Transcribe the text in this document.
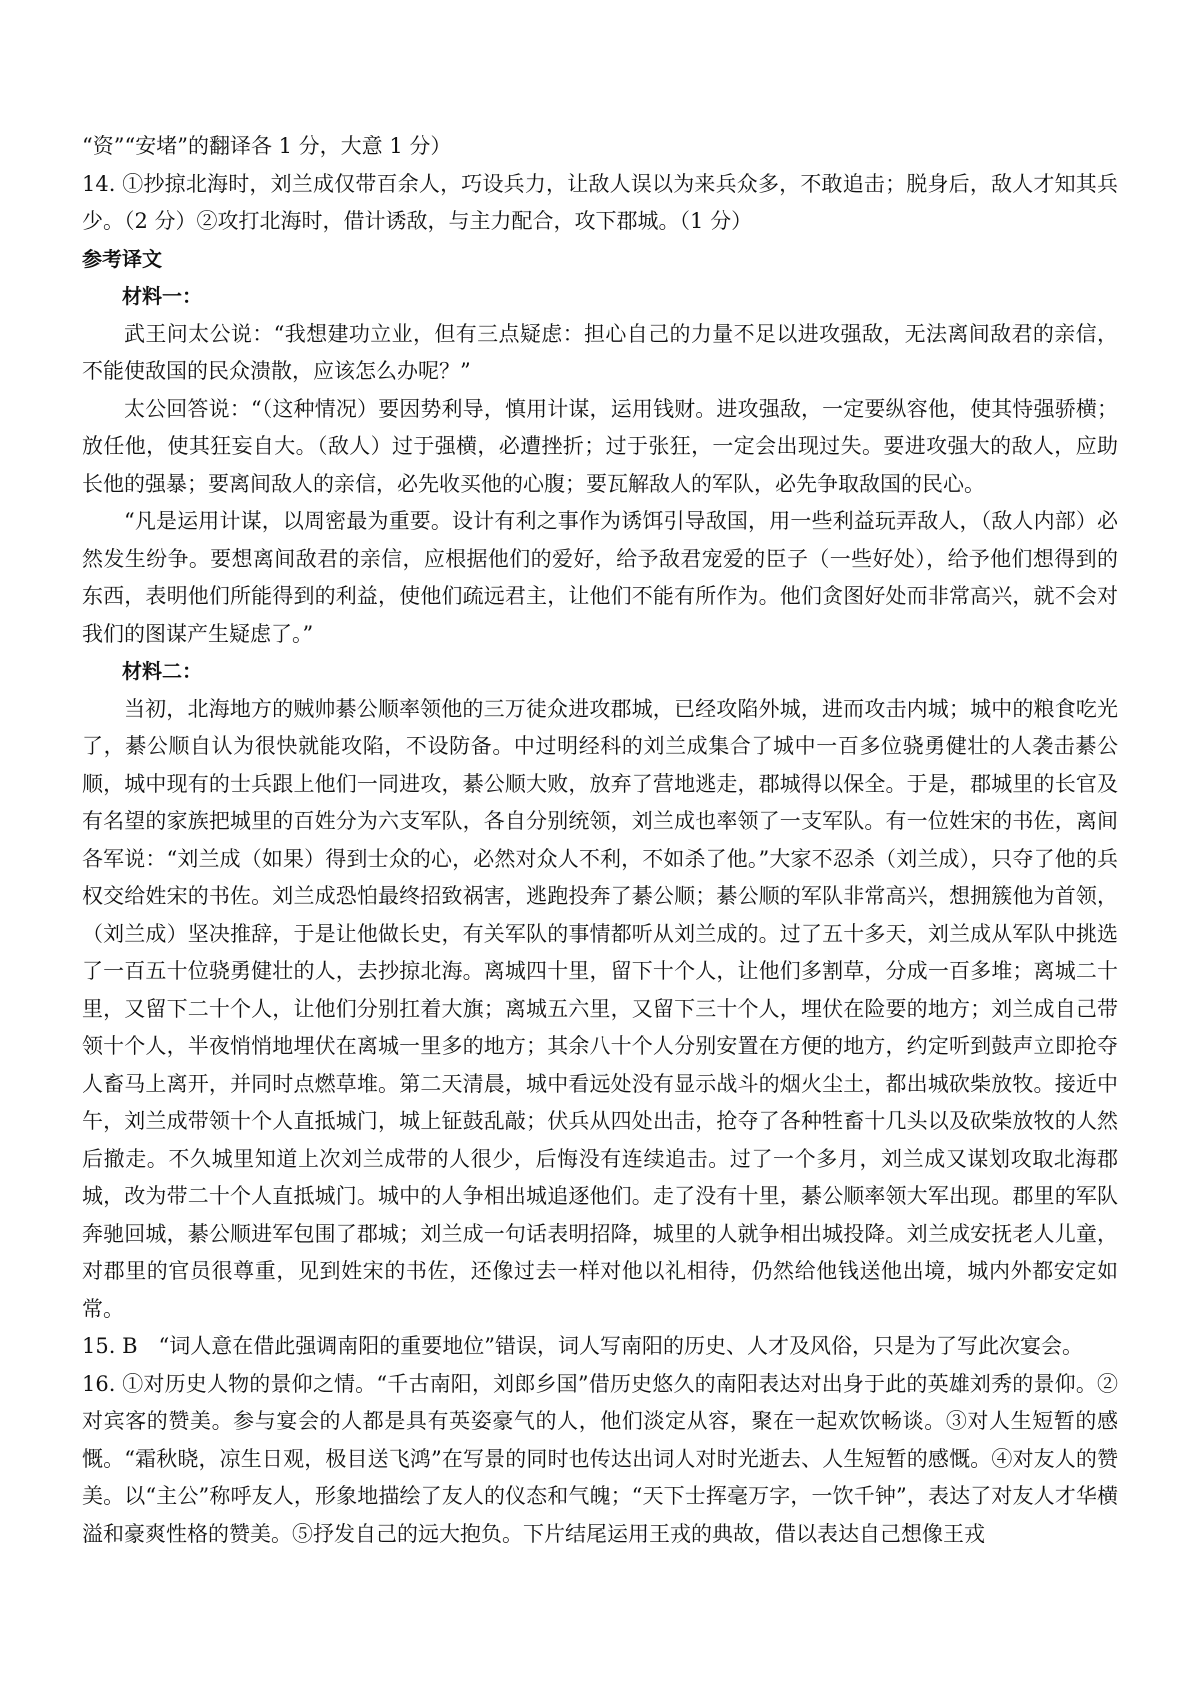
“资”“安堵”的翻译各 1 分，大意 1 分）

14. ①抄掠北海时，刘兰成仅带百余人，巧设兵力，让敌人误以为来兵众多，不敢追击；脱身后，敌人才知其兵少。（2 分）②攻打北海时，借计诱敌，与主力配合，攻下郡城。（1 分）

参考译文

材料一：

武王问太公说：“我想建功立业，但有三点疑虑：担心自己的力量不足以进攻强敌，无法离间敌君的亲信，不能使敌国的民众溃散，应该怎么办呢？”

太公回答说：“（这种情况）要因势利导，慎用计谋，运用钱财。进攻强敌，一定要纵容他，使其恃强骄横；放任他，使其狂妄自大。（敌人）过于强横，必遭挫折；过于张狂，一定会出现过失。要进攻强大的敌人，应助长他的强暴；要离间敌人的亲信，必先收买他的心腹；要瓦解敌人的军队，必先争取敌国的民心。

“凡是运用计谋，以周密最为重要。设计有利之事作为诱饵引导敌国，用一些利益玩弄敌人，（敌人内部）必然发生纷争。要想离间敌君的亲信，应根据他们的爱好，给予敌君宠爱的臣子（一些好处），给予他们想得到的东西，表明他们所能得到的利益，使他们疏远君主，让他们不能有所作为。他们贪图好处而非常高兴，就不会对我们的图谋产生疑虑了。”

材料二：

当初，北海地方的贼帅綦公顺率领他的三万徒众进攻郡城，已经攻陷外城，进而攻击内城；城中的粮食吃光了，綦公顺自认为很快就能攻陷，不设防备。中过明经科的刘兰成集合了城中一百多位骁勇健壮的人袭击綦公顺，城中现有的士兵跟上他们一同进攻，綦公顺大败，放弃了营地逃走，郡城得以保全。于是，郡城里的长官及有名望的家族把城里的百姓分为六支军队，各自分别统领，刘兰成也率领了一支军队。有一位姓宋的书佐，离间各军说：“刘兰成（如果）得到士众的心，必然对众人不利，不如杀了他。”大家不忍杀（刘兰成），只夺了他的兵权交给姓宋的书佐。刘兰成恐怕最终招致祸害，逃跑投奔了綦公顺；綦公顺的军队非常高兴，想拥簇他为首领，（刘兰成）坚决推辞，于是让他做长史，有关军队的事情都听从刘兰成的。过了五十多天，刘兰成从军队中挑选了一百五十位骁勇健壮的人，去抄掠北海。离城四十里，留下十个人，让他们多割草，分成一百多堆；离城二十里，又留下二十个人，让他们分别扛着大旗；离城五六里，又留下三十个人，埋伏在险要的地方；刘兰成自己带领十个人，半夜悄悄地埋伏在离城一里多的地方；其余八十个人分别安置在方便的地方，约定听到鼓声立即抢夺人畜马上离开，并同时点燃草堆。第二天清晨，城中看远处没有显示战斗的烟火尘土，都出城砍柴放牧。接近中午，刘兰成带领十个人直抵城门，城上钲鼓乱敲；伏兵从四处出击，抢夺了各种牲畜十几头以及砍柴放牧的人然后撤走。不久城里知道上次刘兰成带的人很少，后悔没有连续追击。过了一个多月，刘兰成又谋划攻取北海郡城，改为带二十个人直抵城门。城中的人争相出城追逐他们。走了没有十里，綦公顺率领大军出现。郡里的军队奔驰回城，綦公顺进军包围了郡城；刘兰成一句话表明招降，城里的人就争相出城投降。刘兰成安抚老人儿童，对郡里的官员很尊重，见到姓宋的书佐，还像过去一样对他以礼相待，仍然给他钱送他出境，城内外都安定如常。

15. B　“词人意在借此强调南阳的重要地位”错误，词人写南阳的历史、人才及风俗，只是为了写此次宴会。

16. ①对历史人物的景仰之情。“千古南阳，刘郎乡国”借历史悠久的南阳表达对出身于此的英雄刘秀的景仰。②对宾客的赞美。参与宴会的人都是具有英姿豪气的人，他们淡定从容，聚在一起欢饮畅谈。③对人生短暂的感慨。“霜秋晓，凉生日观，极目送飞鸿”在写景的同时也传达出词人对时光逝去、人生短暂的感慨。④对友人的赞美。以“主公”称呼友人，形象地描绘了友人的仪态和气魄；“天下士挥毫万字，一饮千钟”，表达了对友人才华横溢和豪爽性格的赞美。⑤抒发自己的远大抱负。下片结尾运用王戎的典故，借以表达自己想像王戎
